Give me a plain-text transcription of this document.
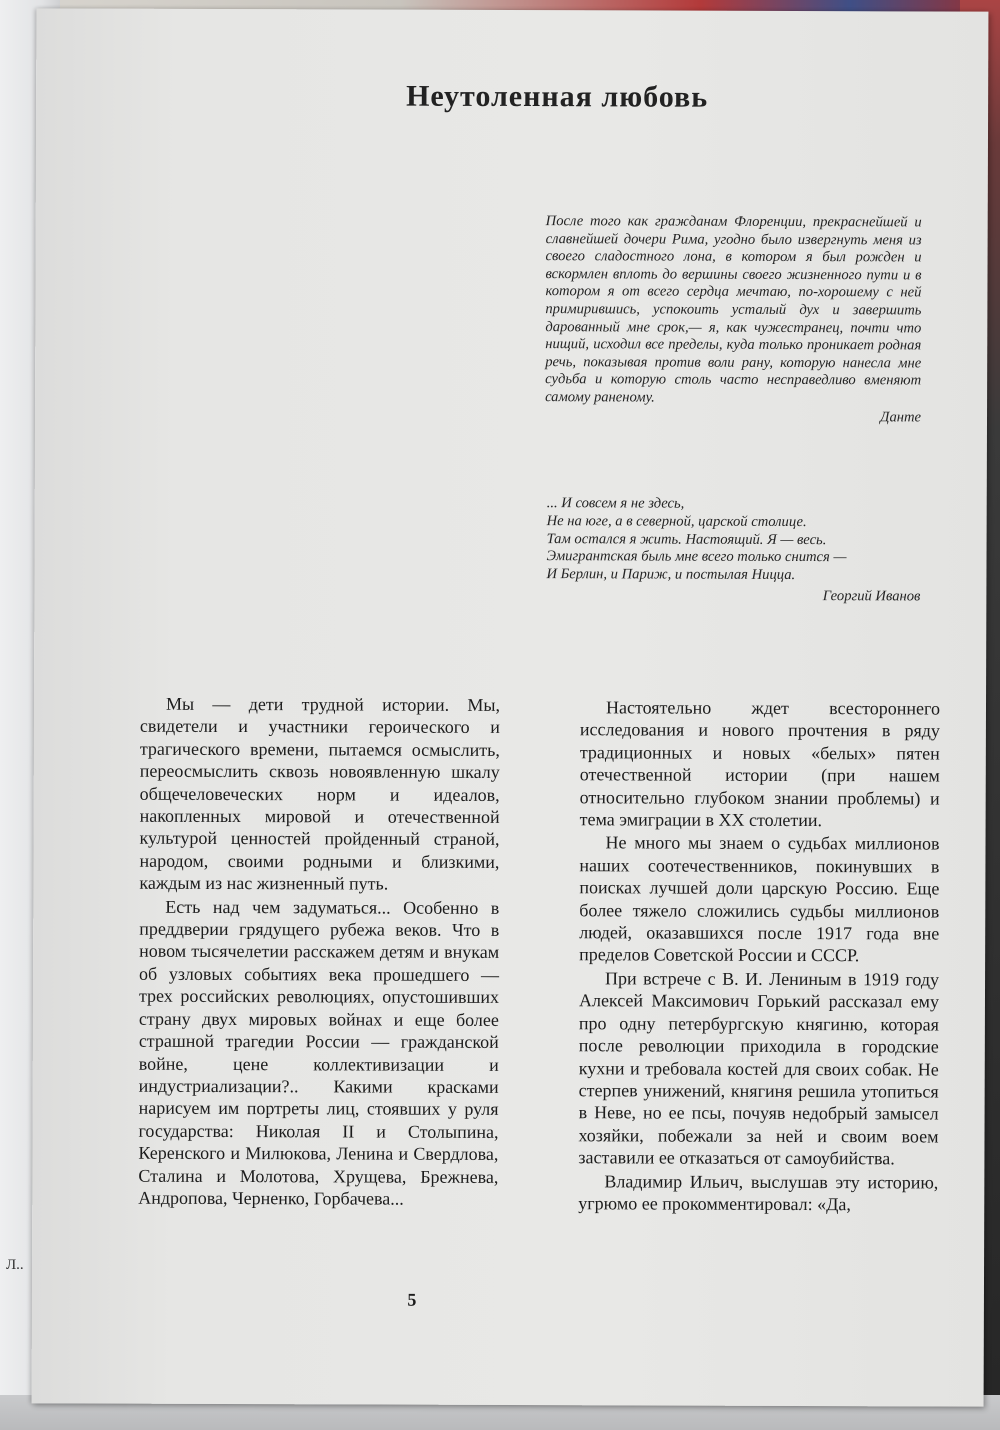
Л..
Неутоленная любовь
После того как гражданам Флоренции, прекраснейшей и славнейшей дочери Рима, угодно было извергнуть меня из своего сладостного лона, в котором я был рожден и вскормлен вплоть до вершины своего жизненного пути и в котором я от всего сердца мечтаю, по-хорошему с ней примирившись, успокоить усталый дух и завершить дарованный мне срок,— я, как чужестранец, почти что нищий, исходил все пределы, куда только проникает родная речь, показывая против воли рану, которую нанесла мне судьба и которую столь часто несправедливо вменяют самому раненому.
Данте
... И совсем я не здесь,
Не на юге, а в северной, царской столице.
Там остался я жить. Настоящий. Я — весь.
Эмигрантская быль мне всего только снится —
И Берлин, и Париж, и постылая Ницца.
Георгий Иванов

Мы — дети трудной истории. Мы, свидетели и участники героического и трагического времени, пытаемся осмыслить, переосмыслить сквозь новоявленную шкалу общечеловеческих норм и идеалов, накопленных мировой и отечественной культурой ценностей пройденный страной, народом, своими родными и близкими, каждым из нас жизненный путь.

Есть над чем задуматься... Особенно в преддверии грядущего рубежа веков. Что в новом тысячелетии расскажем детям и внукам об узловых событиях века прошедшего — трех российских революциях, опустошивших страну двух мировых войнах и еще более страшной трагедии России — гражданской войне, цене коллективизации и индустриализации?.. Какими красками нарисуем им портреты лиц, стоявших у руля государства: Николая II и Столыпина, Керенского и Милюкова, Ленина и Свердлова, Сталина и Молотова, Хрущева, Брежнева, Андропова, Черненко, Горбачева...

Настоятельно ждет всестороннего исследования и нового прочтения в ряду традиционных и новых «белых» пятен отечественной истории (при нашем относительно глубоком знании проблемы) и тема эмиграции в XX столетии.

Не много мы знаем о судьбах миллионов наших соотечественников, покинувших в поисках лучшей доли царскую Россию. Еще более тяжело сложились судьбы миллионов людей, оказавшихся после 1917 года вне пределов Советской России и СССР.

При встрече с В. И. Лениным в 1919 году Алексей Максимович Горький рассказал ему про одну петербургскую княгиню, которая после революции приходила в городские кухни и требовала костей для своих собак. Не стерпев унижений, княгиня решила утопиться в Неве, но ее псы, почуяв недобрый замысел хозяйки, побежали за ней и своим воем заставили ее отказаться от самоубийства.

Владимир Ильич, выслушав эту историю, угрюмо ее прокомментировал: «Да,

5
